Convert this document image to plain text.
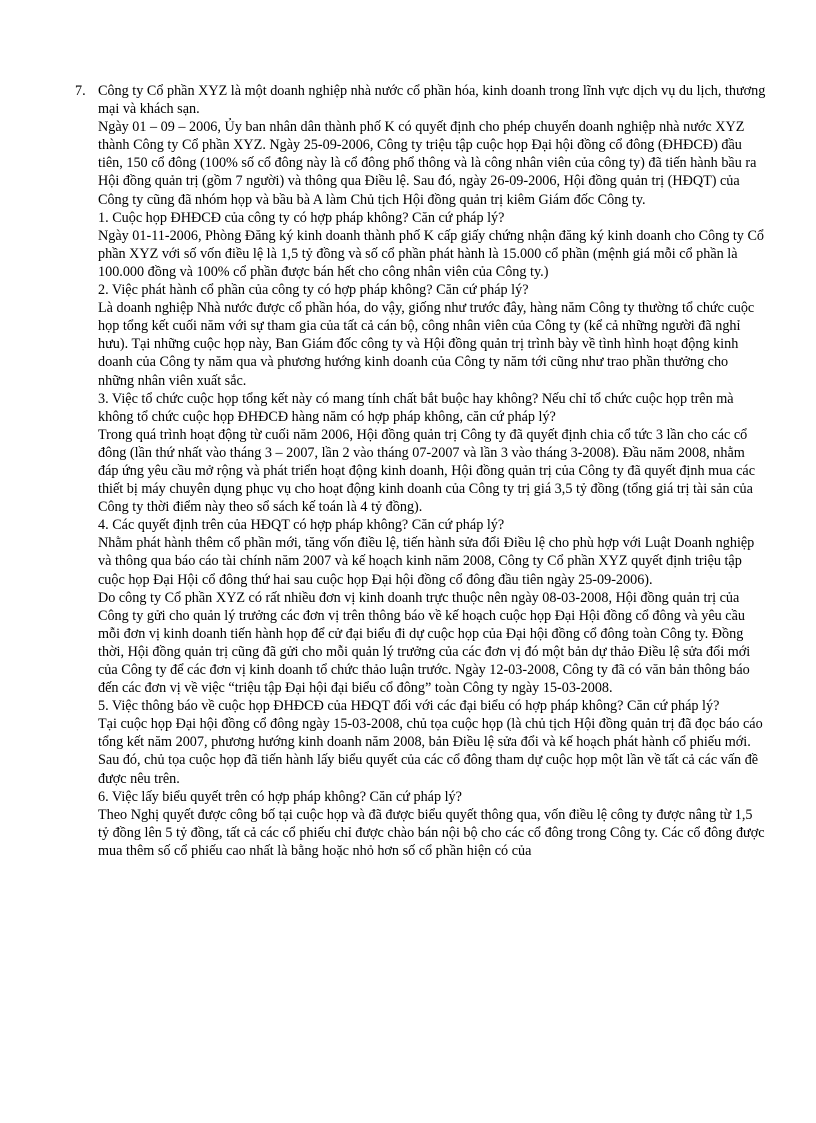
7. Công ty Cổ phần XYZ là một doanh nghiệp nhà nước cổ phần hóa, kinh doanh trong lĩnh vực dịch vụ du lịch, thương mại và khách sạn.

Ngày 01 – 09 – 2006, Ủy ban nhân dân thành phố K có quyết định cho phép chuyển doanh nghiệp nhà nước XYZ thành Công ty Cổ phần XYZ. Ngày 25-09-2006, Công ty triệu tập cuộc họp Đại hội đồng cổ đông (ĐHĐCĐ) đầu tiên, 150 cổ đông (100% số cổ đông này là cổ đông phổ thông và là công nhân viên của công ty) đã tiến hành bầu ra Hội đồng quản trị (gồm 7 người) và thông qua Điều lệ. Sau đó, ngày 26-09-2006, Hội đồng quản trị (HĐQT) của Công ty cũng đã nhóm họp và bầu bà A làm Chủ tịch Hội đồng quản trị kiêm Giám đốc Công ty.

1. Cuộc họp ĐHĐCĐ của công ty có hợp pháp không? Căn cứ pháp lý?

Ngày 01-11-2006, Phòng Đăng ký kinh doanh thành phố K cấp giấy chứng nhận đăng ký kinh doanh cho Công ty Cổ phần XYZ với số vốn điều lệ là 1,5 tỷ đồng và số cổ phần phát hành là 15.000 cổ phần (mệnh giá mỗi cổ phần là 100.000 đồng và 100% cổ phần được bán hết cho công nhân viên của Công ty.)

2. Việc phát hành cổ phần của công ty có hợp pháp không? Căn cứ pháp lý?

Là doanh nghiệp Nhà nước được cổ phần hóa, do vậy, giống như trước đây, hàng năm Công ty thường tổ chức cuộc họp tổng kết cuối năm với sự tham gia của tất cả cán bộ, công nhân viên của Công ty (kể cả những người đã nghỉ hưu). Tại những cuộc họp này, Ban Giám đốc công ty và Hội đồng quản trị trình bày về tình hình hoạt động kinh doanh của Công ty năm qua và phương hướng kinh doanh của Công ty năm tới cũng như trao phần thưởng cho những nhân viên xuất sắc.

3. Việc tổ chức cuộc họp tổng kết này có mang tính chất bắt buộc hay không? Nếu chỉ tổ chức cuộc họp trên mà không tổ chức cuộc họp ĐHĐCĐ hàng năm có hợp pháp không, căn cứ pháp lý?

Trong quá trình hoạt động từ cuối năm 2006, Hội đồng quản trị Công ty đã quyết định chia cổ tức 3 lần cho các cổ đông (lần thứ nhất vào tháng 3 – 2007, lần 2 vào tháng 07-2007 và lần 3 vào tháng 3-2008). Đầu năm 2008, nhằm đáp ứng yêu cầu mở rộng và phát triển hoạt động kinh doanh, Hội đồng quản trị của Công ty đã quyết định mua các thiết bị máy chuyên dụng phục vụ cho hoạt động kinh doanh của Công ty trị giá 3,5 tỷ đồng (tổng giá trị tài sản của Công ty thời điểm này theo sổ sách kế toán là 4 tỷ đồng).

4. Các quyết định trên của HĐQT có hợp pháp không? Căn cứ pháp lý?

Nhằm phát hành thêm cổ phần mới, tăng vốn điều lệ, tiến hành sửa đổi Điều lệ cho phù hợp với Luật Doanh nghiệp và thông qua báo cáo tài chính năm 2007 và kế hoạch kinh năm 2008, Công ty Cổ phần XYZ quyết định triệu tập cuộc họp Đại Hội cổ đông thứ hai sau cuộc họp Đại hội đồng cổ đông đầu tiên ngày 25-09-2006).

Do công ty Cổ phần XYZ có rất nhiều đơn vị kinh doanh trực thuộc nên ngày 08-03-2008, Hội đồng quản trị của Công ty gửi cho quản lý trưởng các đơn vị trên thông báo về kế hoạch cuộc họp Đại Hội đồng cổ đông và yêu cầu mỗi đơn vị kinh doanh tiến hành họp để cử đại biểu đi dự cuộc họp của Đại hội đồng cổ đông toàn Công ty. Đồng thời, Hội đồng quản trị cũng đã gửi cho mỗi quản lý trưởng của các đơn vị đó một bản dự thảo Điều lệ sửa đổi mới của Công ty để các đơn vị kinh doanh tổ chức thảo luận trước. Ngày 12-03-2008, Công ty đã có văn bản thông báo đến các đơn vị về việc “triệu tập Đại hội đại biểu cổ đông” toàn Công ty ngày 15-03-2008.

5. Việc thông báo về cuộc họp ĐHĐCĐ của HĐQT đối với các đại biểu có hợp pháp không? Căn cứ pháp lý?

Tại cuộc họp Đại hội đồng cổ đông ngày 15-03-2008, chủ tọa cuộc họp (là chủ tịch Hội đồng quản trị đã đọc báo cáo tổng kết năm 2007, phương hướng kinh doanh năm 2008, bản Điều lệ sửa đổi và kế hoạch phát hành cổ phiếu mới. Sau đó, chủ tọa cuộc họp đã tiến hành lấy biểu quyết của các cổ đông tham dự cuộc họp một lần về tất cả các vấn đề được nêu trên.

6. Việc lấy biểu quyết trên có hợp pháp không? Căn cứ pháp lý?

Theo Nghị quyết được công bố tại cuộc họp và đã được biểu quyết thông qua, vốn điều lệ công ty được nâng từ 1,5 tỷ đồng lên 5 tỷ đồng, tất cả các cổ phiếu chỉ được chào bán nội bộ cho các cổ đông trong Công ty. Các cổ đông được mua thêm số cổ phiếu cao nhất là bằng hoặc nhỏ hơn số cổ phần hiện có của
